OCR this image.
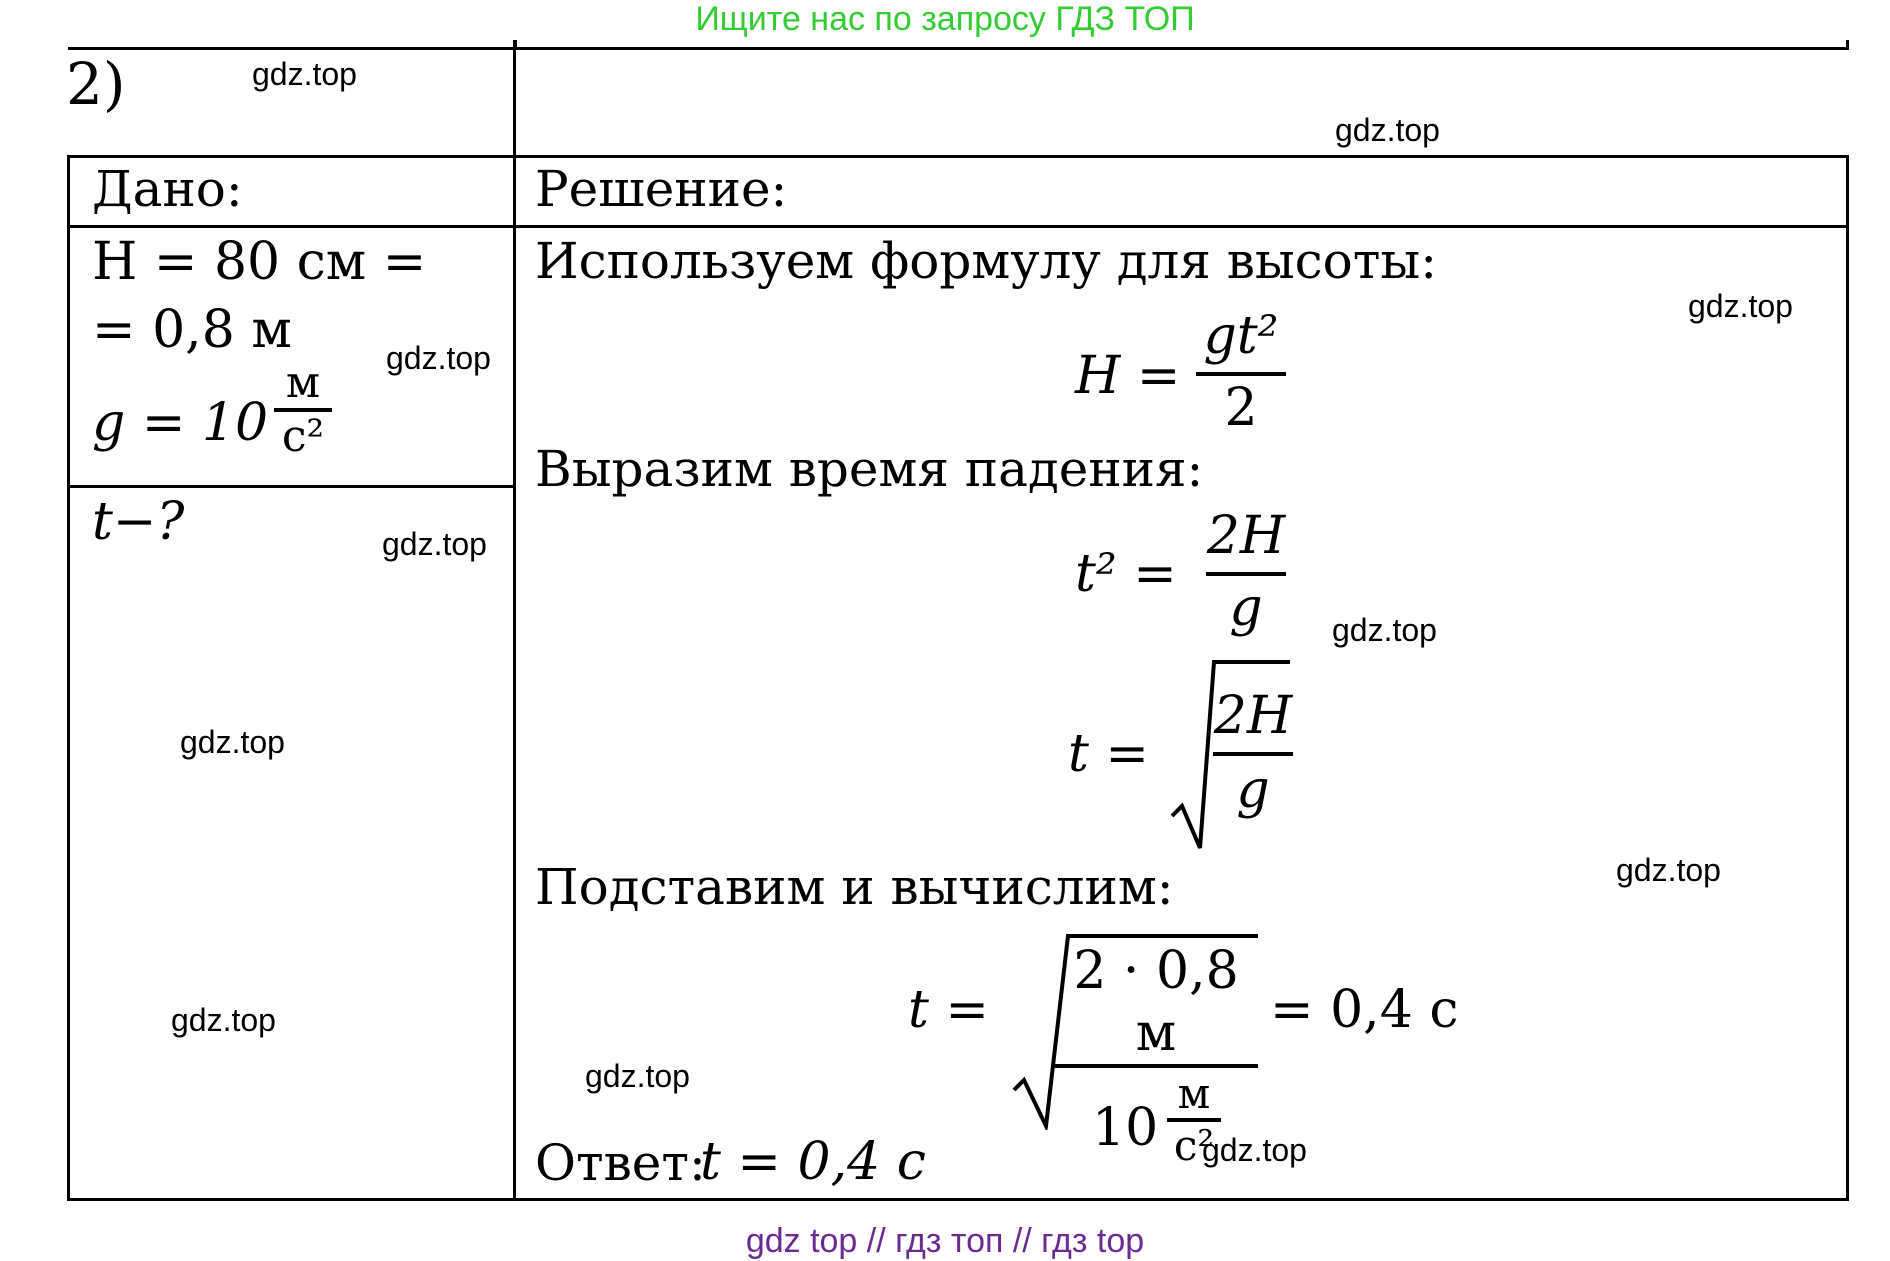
Ищите нас по запросу ГДЗ ТОП
2)
Дано:
H = 80 см =
= 0,8 м
g = 10
м
с²
t−?
Решение:
Используем формулу для высоты:
H =
gt²
2
Выразим время падения:
t² =
2H
g
t =
2H
g
Подставим и вычислим:
t =
2 · 0,8 м
10
м
с²
= 0,4 с
Ответ:
t = 0,4 с
gdz.top
gdz.top
gdz.top
gdz.top
gdz.top
gdz.top
gdz.top
gdz.top
gdz.top
gdz.top
gdz.top
gdz top // гдз топ // гдз top
